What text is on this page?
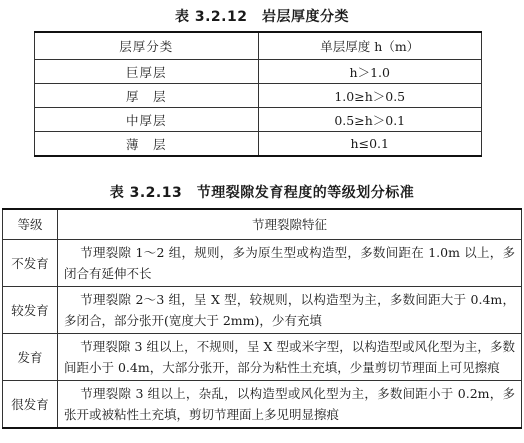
表 3.2.12　岩层厚度分类
层厚分类	单层厚度 h（m）
巨厚层	h＞1.0
厚　层	1.0≥h＞0.5
中厚层	0.5≥h＞0.1
薄　层	h≤0.1
表 3.2.13　节理裂隙发育程度的等级划分标准
等级	节理裂隙特征
不发育	节理裂隙 1～2 组，规则，多为原生型或构造型，多数间距在 1.0m 以上，多闭合有延伸不长
较发育	节理裂隙 2～3 组，呈 X 型，较规则，以构造型为主，多数间距大于 0.4m，多闭合，部分张开(宽度大于 2mm)，少有充填
发育	节理裂隙 3 组以上，不规则，呈 X 型或米字型，以构造型或风化型为主，多数间距小于 0.4m，大部分张开，部分为粘性土充填，少量剪切节理面上可见擦痕
很发育	节理裂隙 3 组以上，杂乱，以构造型或风化型为主，多数间距小于 0.2m，多张开或被粘性土充填，剪切节理面上多见明显擦痕
